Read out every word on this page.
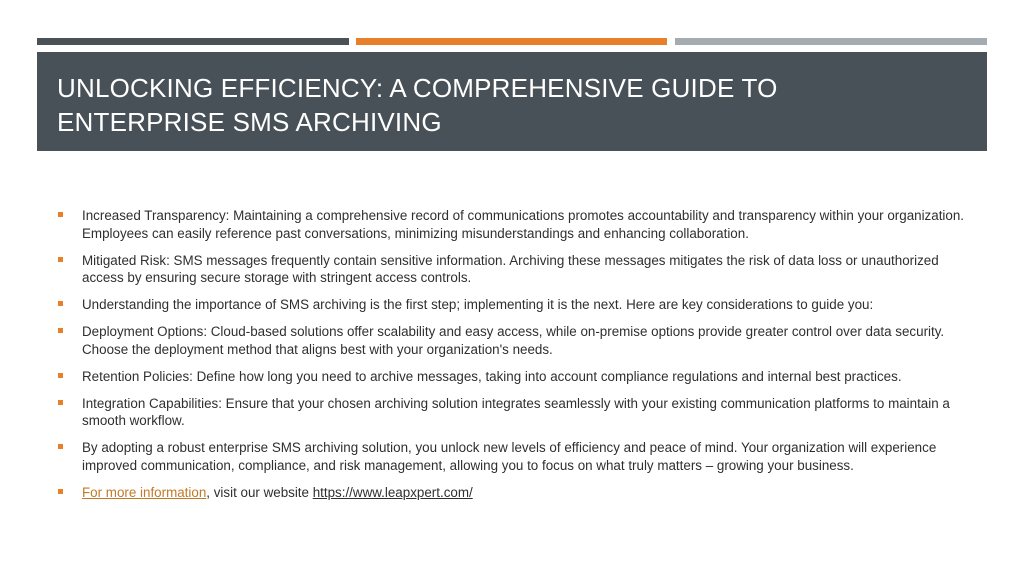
UNLOCKING EFFICIENCY: A COMPREHENSIVE GUIDE TO
ENTERPRISE SMS ARCHIVING
Increased Transparency: Maintaining a comprehensive record of communications promotes accountability and transparency within your organization. Employees can easily reference past conversations, minimizing misunderstandings and enhancing collaboration.
Mitigated Risk: SMS messages frequently contain sensitive information. Archiving these messages mitigates the risk of data loss or unauthorized access by ensuring secure storage with stringent access controls.
Understanding the importance of SMS archiving is the first step; implementing it is the next. Here are key considerations to guide you:
Deployment Options: Cloud-based solutions offer scalability and easy access, while on-premise options provide greater control over data security. Choose the deployment method that aligns best with your organization's needs.
Retention Policies: Define how long you need to archive messages, taking into account compliance regulations and internal best practices.
Integration Capabilities: Ensure that your chosen archiving solution integrates seamlessly with your existing communication platforms to maintain a smooth workflow.
By adopting a robust enterprise SMS archiving solution, you unlock new levels of efficiency and peace of mind. Your organization will experience improved communication, compliance, and risk management, allowing you to focus on what truly matters – growing your business.
For more information, visit our website https://www.leapxpert.com/
